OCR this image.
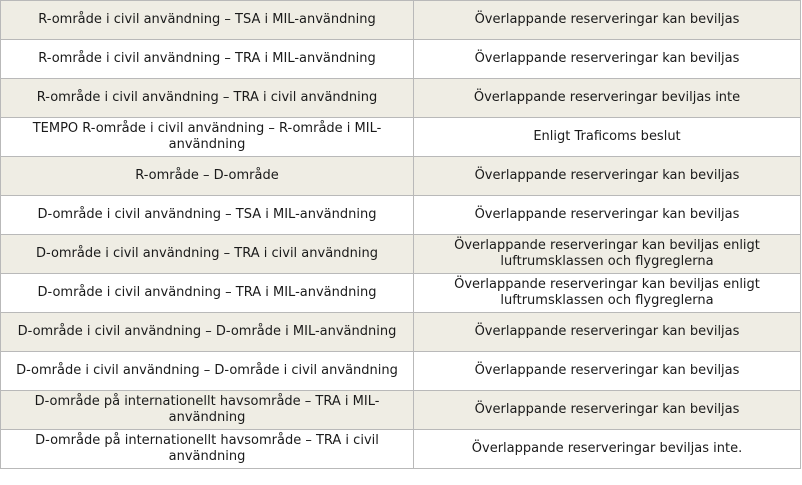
R-område i civil användning – TSA i MIL-användning	Överlappande reserveringar kan beviljas
R-område i civil användning – TRA i MIL-användning	Överlappande reserveringar kan beviljas
R-område i civil användning – TRA i civil användning	Överlappande reserveringar beviljas inte
TEMPO R-område i civil användning – R-område i MIL-användning	Enligt Traficoms beslut
R-område – D-område	Överlappande reserveringar kan beviljas
D-område i civil användning – TSA i MIL-användning	Överlappande reserveringar kan beviljas
D-område i civil användning – TRA i civil användning	Överlappande reserveringar kan beviljas enligt luftrumsklassen och flygreglerna
D-område i civil användning – TRA i MIL-användning	Överlappande reserveringar kan beviljas enligt luftrumsklassen och flygreglerna
D-område i civil användning – D-område i MIL-användning	Överlappande reserveringar kan beviljas
D-område i civil användning – D-område i civil användning	Överlappande reserveringar kan beviljas
D-område på internationellt havsområde – TRA i MIL-användning	Överlappande reserveringar kan beviljas
D-område på internationellt havsområde – TRA i civil användning	Överlappande reserveringar beviljas inte.
